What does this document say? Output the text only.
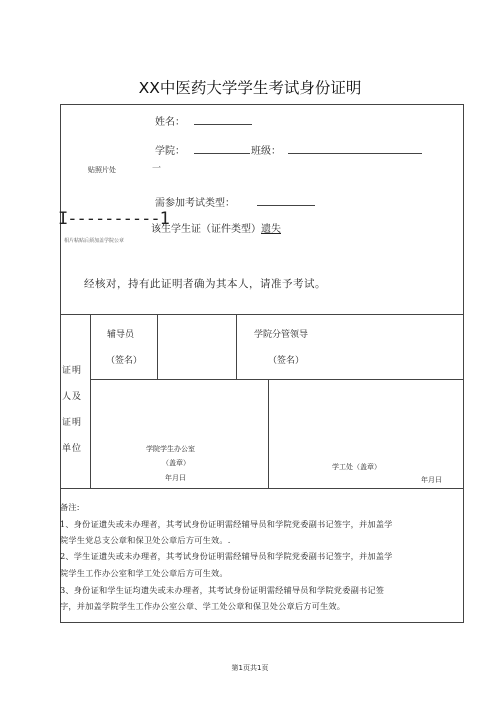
XX中医药大学学生考试身份证明
姓名：
学院：	班级：
贴照片处	一
需参加考试类型：
I----------1
该生学生证（证件类型）遗失
相片粘贴后须加盖学院公章
经核对，持有此证明者确为其本人，请准予考试。
证明
人及
证明
单位
辅导员
（签名）
学院分管领导
（签名）
学院学生办公室
（盖章）
年月曰
学工处（盖章）
年月曰
备注:
1、身份证遗失或未办理者，其考试身份证明需经辅导员和学院党委副书记签字，并加盖学
院学生党总支公章和保卫处公章后方可生效。.
2、学生证遗失或未办理者，其考试身份证明需经辅导员和学院党委副书记签字，并加盖学
院学生工作办公室和学工处公章后方可生效。
3、身份证和学生证均遗失或未办理者，其考试身份证明需经辅导员和学院党委副书记签
字，并加盖学院学生工作办公室公章、学工处公章和保卫处公章后方可生效。
第1页共1页
